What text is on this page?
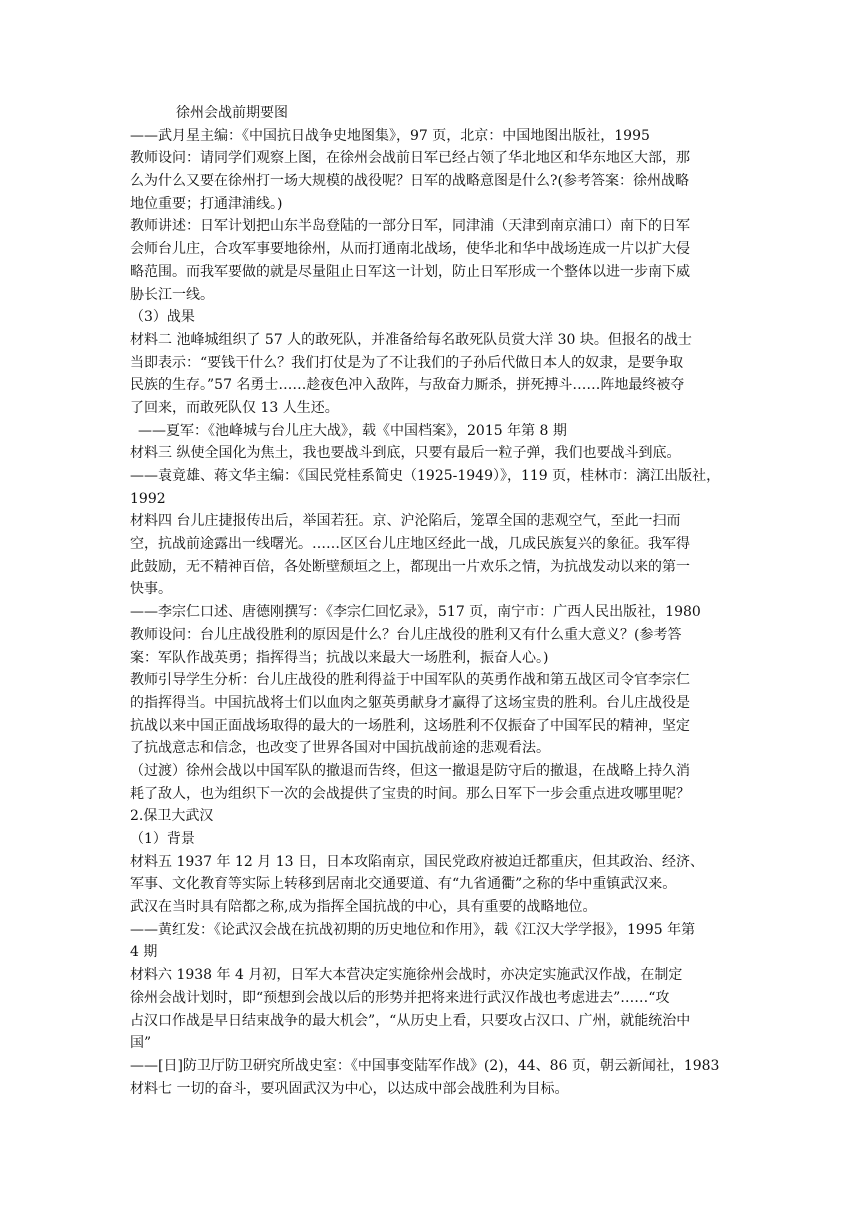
徐州会战前期要图
——武月星主编：《中国抗日战争史地图集》，97 页，北京：中国地图出版社，1995
教师设问：请同学们观察上图，在徐州会战前日军已经占领了华北地区和华东地区大部，那
么为什么又要在徐州打一场大规模的战役呢？日军的战略意图是什么?(参考答案：徐州战略
地位重要；打通津浦线。)
教师讲述：日军计划把山东半岛登陆的一部分日军，同津浦（天津到南京浦口）南下的日军
会师台儿庄，合攻军事要地徐州，从而打通南北战场，使华北和华中战场连成一片以扩大侵
略范围。而我军要做的就是尽量阻止日军这一计划，防止日军形成一个整体以进一步南下威
胁长江一线。
（3）战果
材料二 池峰城组织了 57 人的敢死队，并准备给每名敢死队员赏大洋 30 块。但报名的战士
当即表示：“要钱干什么？我们打仗是为了不让我们的子孙后代做日本人的奴隶，是要争取
民族的生存。”57 名勇士……趁夜色冲入敌阵，与敌奋力厮杀，拼死搏斗……阵地最终被夺
了回来，而敢死队仅 13 人生还。
——夏军：《池峰城与台儿庄大战》，载《中国档案》，2015 年第 8 期
材料三 纵使全国化为焦土，我也要战斗到底，只要有最后一粒子弹，我们也要战斗到底。
——袁竟雄、蒋文华主编：《国民党桂系简史（1925-1949）》，119 页，桂林市：漓江出版社，
1992
材料四 台儿庄捷报传出后，举国若狂。京、沪沦陷后，笼罩全国的悲观空气，至此一扫而
空，抗战前途露出一线曙光。……区区台儿庄地区经此一战，几成民族复兴的象征。我军得
此鼓励，无不精神百倍，各处断壁颓垣之上，都现出一片欢乐之情，为抗战发动以来的第一
快事。
——李宗仁口述、唐德刚撰写：《李宗仁回忆录》，517 页，南宁市：广西人民出版社，1980
教师设问：台儿庄战役胜利的原因是什么？台儿庄战役的胜利又有什么重大意义？(参考答
案：军队作战英勇；指挥得当；抗战以来最大一场胜利，振奋人心。)
教师引导学生分析：台儿庄战役的胜利得益于中国军队的英勇作战和第五战区司令官李宗仁
的指挥得当。中国抗战将士们以血肉之躯英勇献身才赢得了这场宝贵的胜利。台儿庄战役是
抗战以来中国正面战场取得的最大的一场胜利，这场胜利不仅振奋了中国军民的精神，坚定
了抗战意志和信念，也改变了世界各国对中国抗战前途的悲观看法。
（过渡）徐州会战以中国军队的撤退而告终，但这一撤退是防守后的撤退，在战略上持久消
耗了敌人，也为组织下一次的会战提供了宝贵的时间。那么日军下一步会重点进攻哪里呢？
2.保卫大武汉
（1）背景
材料五 1937 年 12 月 13 日，日本攻陷南京，国民党政府被迫迁都重庆，但其政治、经济、
军事、文化教育等实际上转移到居南北交通要道、有“九省通衢”之称的华中重镇武汉来。
武汉在当时具有陪都之称,成为指挥全国抗战的中心，具有重要的战略地位。
——黄红发：《论武汉会战在抗战初期的历史地位和作用》，载《江汉大学学报》，1995 年第
4 期
材料六 1938 年 4 月初，日军大本营决定实施徐州会战时，亦决定实施武汉作战，在制定
徐州会战计划时，即“预想到会战以后的形势并把将来进行武汉作战也考虑进去”……“攻
占汉口作战是早日结束战争的最大机会”，“从历史上看，只要攻占汉口、广州，就能统治中
国”
——[日]防卫厅防卫研究所战史室：《中国事变陆军作战》(2)，44、86 页，朝云新闻社，1983
材料七 一切的奋斗，要巩固武汉为中心，以达成中部会战胜利为目标。
